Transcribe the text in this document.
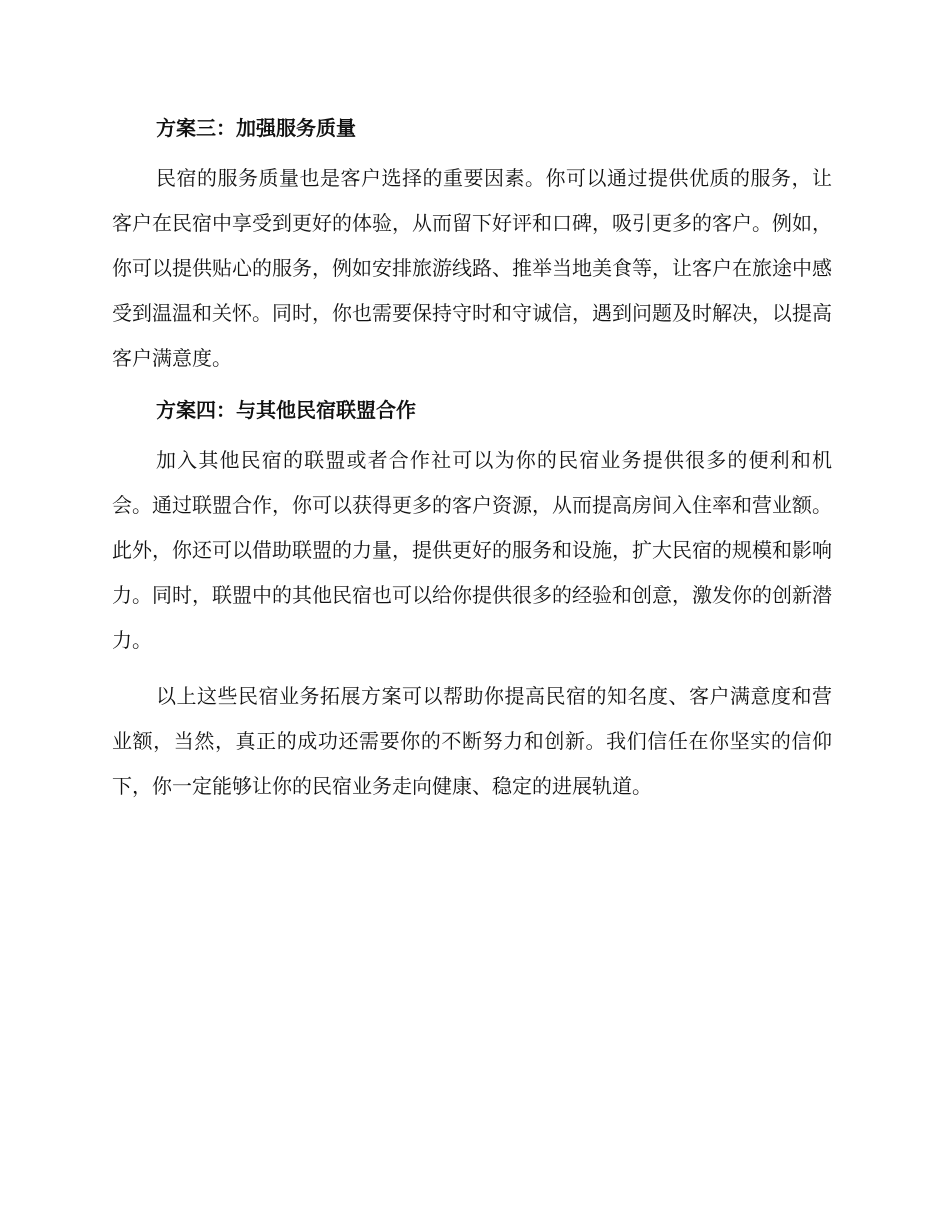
方案三：加强服务质量

民宿的服务质量也是客户选择的重要因素。你可以通过提供优质的服务，让客户在民宿中享受到更好的体验，从而留下好评和口碑，吸引更多的客户。例如，你可以提供贴心的服务，例如安排旅游线路、推举当地美食等，让客户在旅途中感受到温温和关怀。同时，你也需要保持守时和守诚信，遇到问题及时解决，以提高客户满意度。

方案四：与其他民宿联盟合作

加入其他民宿的联盟或者合作社可以为你的民宿业务提供很多的便利和机会。通过联盟合作，你可以获得更多的客户资源，从而提高房间入住率和营业额。此外，你还可以借助联盟的力量，提供更好的服务和设施，扩大民宿的规模和影响力。同时，联盟中的其他民宿也可以给你提供很多的经验和创意，激发你的创新潜力。

以上这些民宿业务拓展方案可以帮助你提高民宿的知名度、客户满意度和营业额，当然，真正的成功还需要你的不断努力和创新。我们信任在你坚实的信仰下，你一定能够让你的民宿业务走向健康、稳定的进展轨道。
